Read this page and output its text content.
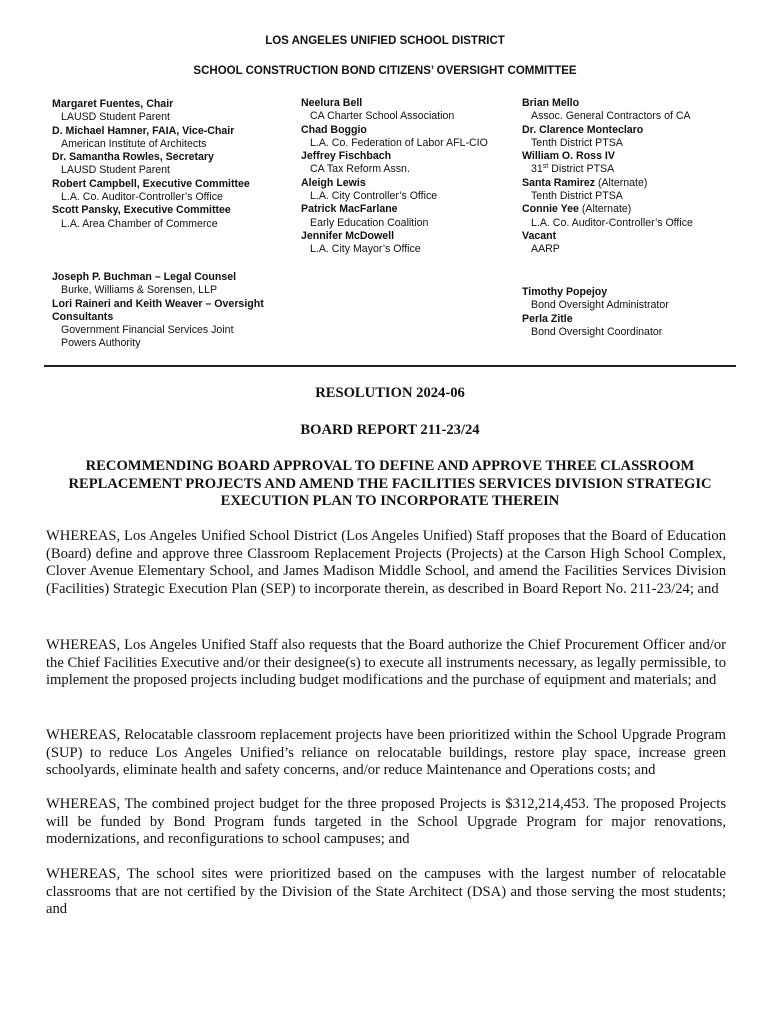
LOS ANGELES UNIFIED SCHOOL DISTRICT
SCHOOL CONSTRUCTION BOND CITIZENS’ OVERSIGHT COMMITTEE
Margaret Fuentes, Chair
LAUSD Student Parent
D. Michael Hamner, FAIA, Vice-Chair
American Institute of Architects
Dr. Samantha Rowles, Secretary
LAUSD Student Parent
Robert Campbell, Executive Committee
L.A. Co. Auditor-Controller’s Office
Scott Pansky, Executive Committee
L.A. Area Chamber of Commerce
Neelura Bell
CA Charter School Association
Chad Boggio
L.A. Co. Federation of Labor AFL-CIO
Jeffrey Fischbach
CA Tax Reform Assn.
Aleigh Lewis
L.A. City Controller’s Office
Patrick MacFarlane
Early Education Coalition
Jennifer McDowell
L.A. City Mayor’s Office
Brian Mello
Assoc. General Contractors of CA
Dr. Clarence Monteclaro
Tenth District PTSA
William O. Ross IV
31st District PTSA
Santa Ramirez (Alternate)
Tenth District PTSA
Connie Yee (Alternate)
L.A. Co. Auditor-Controller’s Office
Vacant
AARP
Joseph P. Buchman – Legal Counsel
Burke, Williams & Sorensen, LLP
Lori Raineri and Keith Weaver – Oversight
Consultants
Government Financial Services Joint
Powers Authority
Timothy Popejoy
Bond Oversight Administrator
Perla Zitle
Bond Oversight Coordinator
RESOLUTION 2024-06
BOARD REPORT 211-23/24
RECOMMENDING BOARD APPROVAL TO DEFINE AND APPROVE THREE CLASSROOM
REPLACEMENT PROJECTS AND AMEND THE FACILITIES SERVICES DIVISION STRATEGIC
EXECUTION PLAN TO INCORPORATE THEREIN
WHEREAS, Los Angeles Unified School District (Los Angeles Unified) Staff proposes that the Board of Education (Board) define and approve three Classroom Replacement Projects (Projects) at the Carson High School Complex, Clover Avenue Elementary School, and James Madison Middle School, and amend the Facilities Services Division (Facilities) Strategic Execution Plan (SEP) to incorporate therein, as described in Board Report No. 211-23/24; and
WHEREAS, Los Angeles Unified Staff also requests that the Board authorize the Chief Procurement Officer and/or the Chief Facilities Executive and/or their designee(s) to execute all instruments necessary, as legally permissible, to implement the proposed projects including budget modifications and the purchase of equipment and materials; and
WHEREAS, Relocatable classroom replacement projects have been prioritized within the School Upgrade Program (SUP) to reduce Los Angeles Unified’s reliance on relocatable buildings, restore play space, increase green schoolyards, eliminate health and safety concerns, and/or reduce Maintenance and Operations costs; and
WHEREAS, The combined project budget for the three proposed Projects is $312,214,453. The proposed Projects will be funded by Bond Program funds targeted in the School Upgrade Program for major renovations, modernizations, and reconfigurations to school campuses; and
WHEREAS, The school sites were prioritized based on the campuses with the largest number of relocatable classrooms that are not certified by the Division of the State Architect (DSA) and those serving the most students; and
